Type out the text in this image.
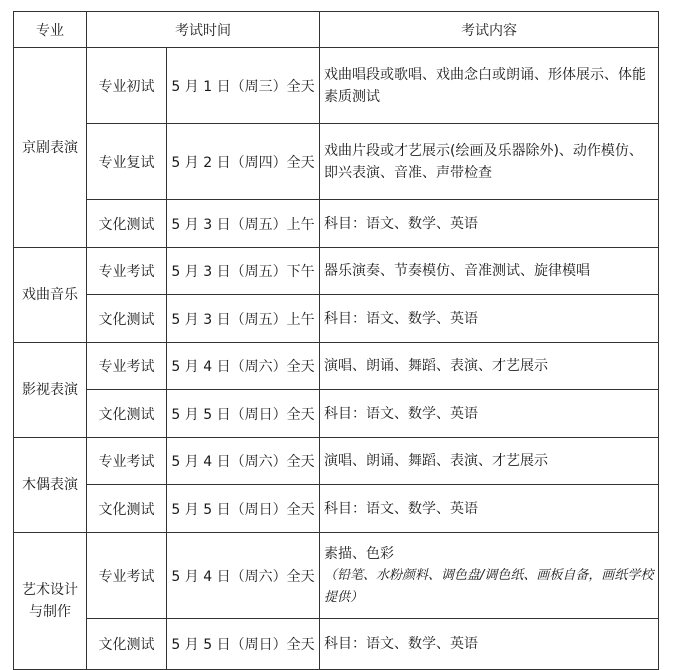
专业	考试时间		考试内容
京剧表演	专业初试	5 月 1 日（周三）全天	戏曲唱段或歌唱、戏曲念白或朗诵、形体展示、体能素质测试
	专业复试	5 月 2 日（周四）全天	戏曲片段或才艺展示(绘画及乐器除外)、动作模仿、即兴表演、音准、声带检查
	文化测试	5 月 3 日（周五）上午	科目：语文、数学、英语
戏曲音乐	专业考试	5 月 3 日（周五）下午	器乐演奏、节奏模仿、音准测试、旋律模唱
	文化测试	5 月 3 日（周五）上午	科目：语文、数学、英语
影视表演	专业考试	5 月 4 日（周六）全天	演唱、朗诵、舞蹈、表演、才艺展示
	文化测试	5 月 5 日（周日）全天	科目：语文、数学、英语
木偶表演	专业考试	5 月 4 日（周六）全天	演唱、朗诵、舞蹈、表演、才艺展示
	文化测试	5 月 5 日（周日）全天	科目：语文、数学、英语
艺术设计与制作	专业考试	5 月 4 日（周六）全天	素描、色彩
（铅笔、水粉颜料、调色盘/调色纸、画板自备，画纸学校提供）

	文化测试	5 月 5 日（周日）全天	科目：语文、数学、英语
